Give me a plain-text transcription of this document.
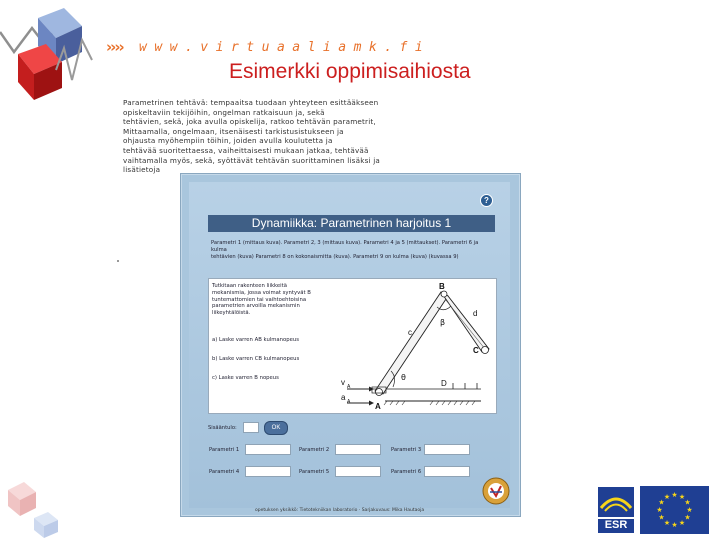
›››› www.virtuaaliamk.fi
Esimerkki oppimisaihiosta
Parametrinen tehtävä: tempaaitsa tuodaan yhteyteen esittääkseen
opiskeltaviin tekijöihin, ongelman ratkaisuun ja, sekä
tehtävien, sekä, joka avulla opiskelija, ratkoo tehtävän parametrit,
Mittaamalla, ongelmaan, itsenäisesti tarkistusistukseen ja
ohjausta myöhempiin töihin, joiden avulla koulutetta ja
tehtävää suoritettaessa, vaiheittaisesti mukaan jatkaa, tehtävää
vaihtamalla myös, sekä, syöttävät tehtävän suorittaminen lisäksi ja
lisätietoja
?
Dynamiikka: Parametrinen harjoitus 1
Parametri 1 (mittaus kuva). Parametri 2, 3 (mittaus kuva). Parametri 4 ja 5 (mittaukset). Parametri 6 ja kulma
tehtävien (kuva) Parametri 8 on kokonaismitta (kuva). Parametri 9 on kulma (kuva) (kuvassa 9)
Tutkitaan rakenteen liikkeitä
mekanismia, jossa voimat syntyvät B
tuntemattomien tai vaihtoehtoisina
parametrien arvoilla mekanismin
liikeyhtälöistä.
a) Laske varren AB kulmanopeus
b) Laske varren CB kulmanopeus
c) Laske varren B nopeus
B
C
c
d
β
θ
D
A
v A
a A
Sisääntulo:	OK
Parametri 1	Parametri 2	Parametri 3
Parametri 4	Parametri 5	Parametri 6
opetuksen yksikkö: Tietotekniikan laboratorio · Sarjakuvaus: Mika Hautaoja
ESR
★ ★
★
★
★
★
★
★
★
★
★
★
